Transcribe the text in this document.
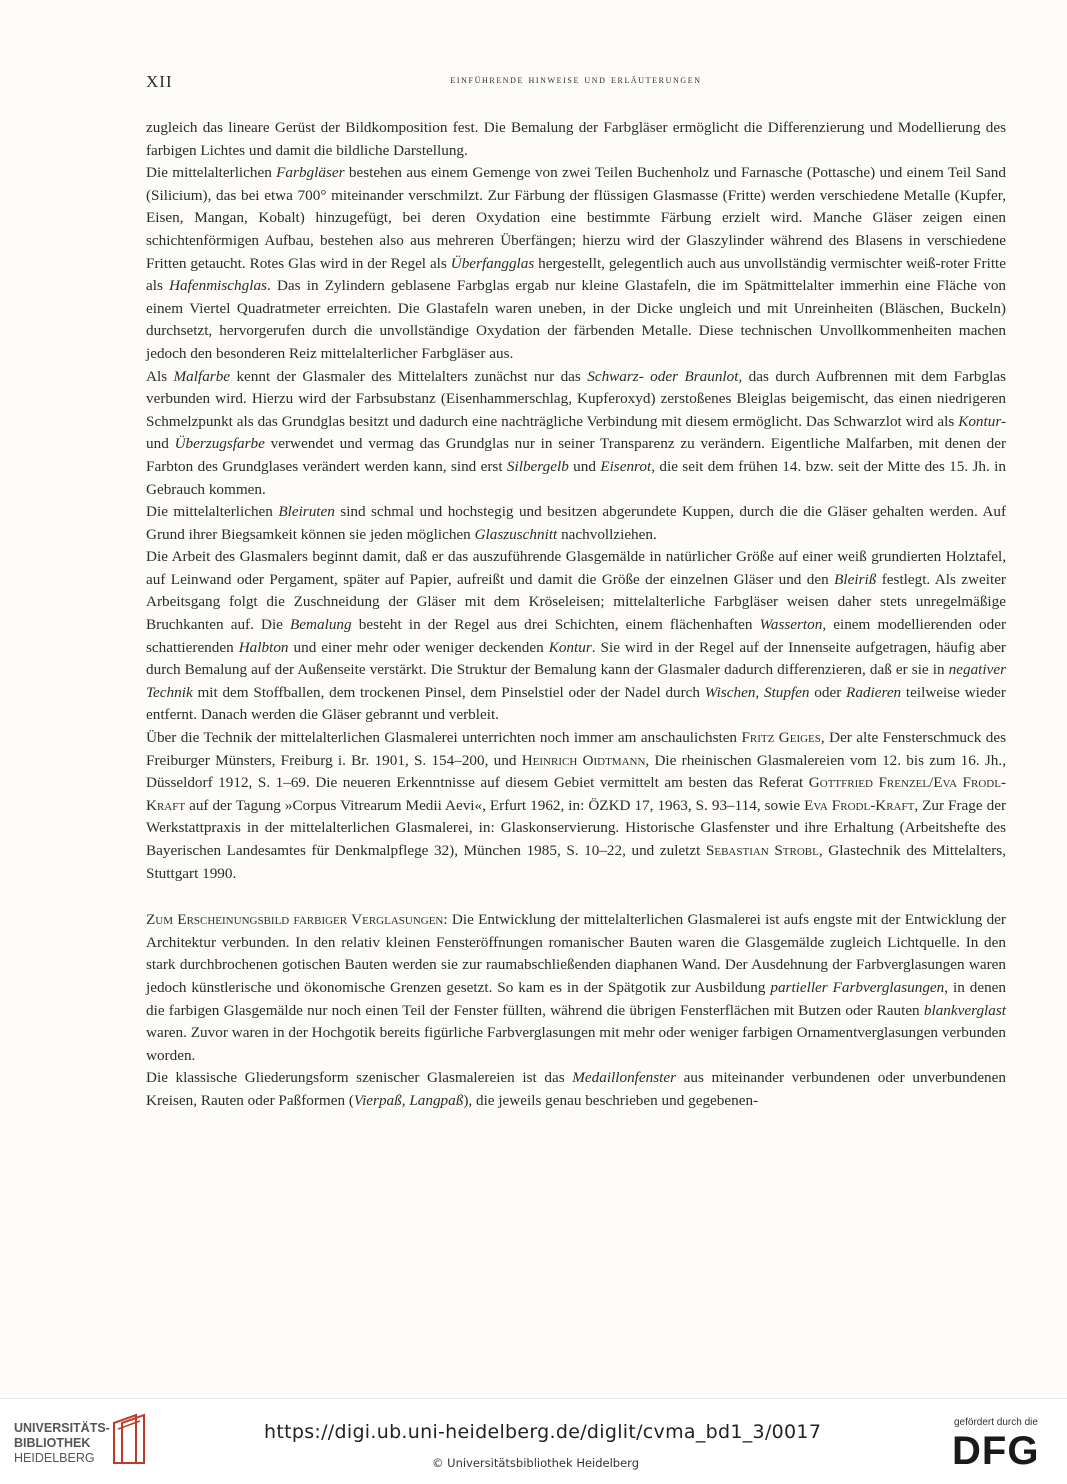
XII	einführende hinweise und erläuterungen

zugleich das lineare Gerüst der Bildkomposition fest. Die Bemalung der Farbgläser ermöglicht die Differenzierung und Modellierung des farbigen Lichtes und damit die bildliche Darstellung.

Die mittelalterlichen Farbgläser bestehen aus einem Gemenge von zwei Teilen Buchenholz und Farnasche (Pottasche) und einem Teil Sand (Silicium), das bei etwa 700° miteinander verschmilzt. Zur Färbung der flüssigen Glasmasse (Fritte) werden verschiedene Metalle (Kupfer, Eisen, Mangan, Kobalt) hinzugefügt, bei deren Oxydation eine bestimmte Färbung erzielt wird. Manche Gläser zeigen einen schichtenförmigen Aufbau, bestehen also aus mehreren Überfängen; hierzu wird der Glaszylinder während des Blasens in verschiedene Fritten getaucht. Rotes Glas wird in der Regel als Überfangglas hergestellt, gelegentlich auch aus unvollständig vermischter weiß-roter Fritte als Hafenmischglas. Das in Zylindern geblasene Farbglas ergab nur kleine Glastafeln, die im Spätmittelalter immerhin eine Fläche von einem Viertel Quadratmeter erreichten. Die Glastafeln waren uneben, in der Dicke ungleich und mit Unreinheiten (Bläschen, Buckeln) durchsetzt, hervorgerufen durch die unvollständige Oxydation der färbenden Metalle. Diese technischen Unvollkommenheiten machen jedoch den besonderen Reiz mittelalterlicher Farbgläser aus.

Als Malfarbe kennt der Glasmaler des Mittelalters zunächst nur das Schwarz- oder Braunlot, das durch Aufbrennen mit dem Farbglas verbunden wird. Hierzu wird der Farbsubstanz (Eisenhammerschlag, Kupferoxyd) zerstoßenes Bleiglas beigemischt, das einen niedrigeren Schmelzpunkt als das Grundglas besitzt und dadurch eine nachträgliche Verbindung mit diesem ermöglicht. Das Schwarzlot wird als Kontur- und Überzugsfarbe verwendet und vermag das Grundglas nur in seiner Transparenz zu verändern. Eigentliche Malfarben, mit denen der Farbton des Grundglases verändert werden kann, sind erst Silbergelb und Eisenrot, die seit dem frühen 14. bzw. seit der Mitte des 15. Jh. in Gebrauch kommen.

Die mittelalterlichen Bleiruten sind schmal und hochstegig und besitzen abgerundete Kuppen, durch die die Gläser gehalten werden. Auf Grund ihrer Biegsamkeit können sie jeden möglichen Glaszuschnitt nachvollziehen.

Die Arbeit des Glasmalers beginnt damit, daß er das auszuführende Glasgemälde in natürlicher Größe auf einer weiß grundierten Holztafel, auf Leinwand oder Pergament, später auf Papier, aufreißt und damit die Größe der einzelnen Gläser und den Bleiriß festlegt. Als zweiter Arbeitsgang folgt die Zuschneidung der Gläser mit dem Kröseleisen; mittelalterliche Farbgläser weisen daher stets unregelmäßige Bruchkanten auf. Die Bemalung besteht in der Regel aus drei Schichten, einem flächenhaften Wasserton, einem modellierenden oder schattierenden Halbton und einer mehr oder weniger deckenden Kontur. Sie wird in der Regel auf der Innenseite aufgetragen, häufig aber durch Bemalung auf der Außenseite verstärkt. Die Struktur der Bemalung kann der Glasmaler dadurch differenzieren, daß er sie in negativer Technik mit dem Stoffballen, dem trockenen Pinsel, dem Pinselstiel oder der Nadel durch Wischen, Stupfen oder Radieren teilweise wieder entfernt. Danach werden die Gläser gebrannt und verbleit.

Über die Technik der mittelalterlichen Glasmalerei unterrichten noch immer am anschaulichsten Fritz Geiges, Der alte Fensterschmuck des Freiburger Münsters, Freiburg i. Br. 1901, S. 154–200, und Heinrich Oidtmann, Die rheinischen Glasmalereien vom 12. bis zum 16. Jh., Düsseldorf 1912, S. 1–69. Die neueren Erkenntnisse auf diesem Gebiet vermittelt am besten das Referat Gottfried Frenzel/Eva Frodl-Kraft auf der Tagung »Corpus Vitrearum Medii Aevi«, Erfurt 1962, in: ÖZKD 17, 1963, S. 93–114, sowie Eva Frodl-Kraft, Zur Frage der Werkstattpraxis in der mittelalterlichen Glasmalerei, in: Glaskonservierung. Historische Glasfenster und ihre Erhaltung (Arbeitshefte des Bayerischen Landesamtes für Denkmalpflege 32), München 1985, S. 10–22, und zuletzt Sebastian Strobl, Glastechnik des Mittelalters, Stuttgart 1990.

Zum Erscheinungsbild farbiger Verglasungen: Die Entwicklung der mittelalterlichen Glasmalerei ist aufs engste mit der Entwicklung der Architektur verbunden. In den relativ kleinen Fensteröffnungen romanischer Bauten waren die Glasgemälde zugleich Lichtquelle. In den stark durchbrochenen gotischen Bauten werden sie zur raumabschließenden diaphanen Wand. Der Ausdehnung der Farbverglasungen waren jedoch künstlerische und ökonomische Grenzen gesetzt. So kam es in der Spätgotik zur Ausbildung partieller Farbverglasungen, in denen die farbigen Glasgemälde nur noch einen Teil der Fenster füllten, während die übrigen Fensterflächen mit Butzen oder Rauten blankverglast waren. Zuvor waren in der Hochgotik bereits figürliche Farbverglasungen mit mehr oder weniger farbigen Ornamentverglasungen verbunden worden.

Die klassische Gliederungsform szenischer Glasmalereien ist das Medaillonfenster aus miteinander verbundenen oder unverbundenen Kreisen, Rauten oder Paßformen (Vierpaß, Langpaß), die jeweils genau beschrieben und gegebenen-

UNIVERSITÄTS-
BIBLIOTHEK
HEIDELBERG
https://digi.ub.uni-heidelberg.de/diglit/cvma_bd1_3/0017
© Universitätsbibliothek Heidelberg
gefördert durch die
DFG
